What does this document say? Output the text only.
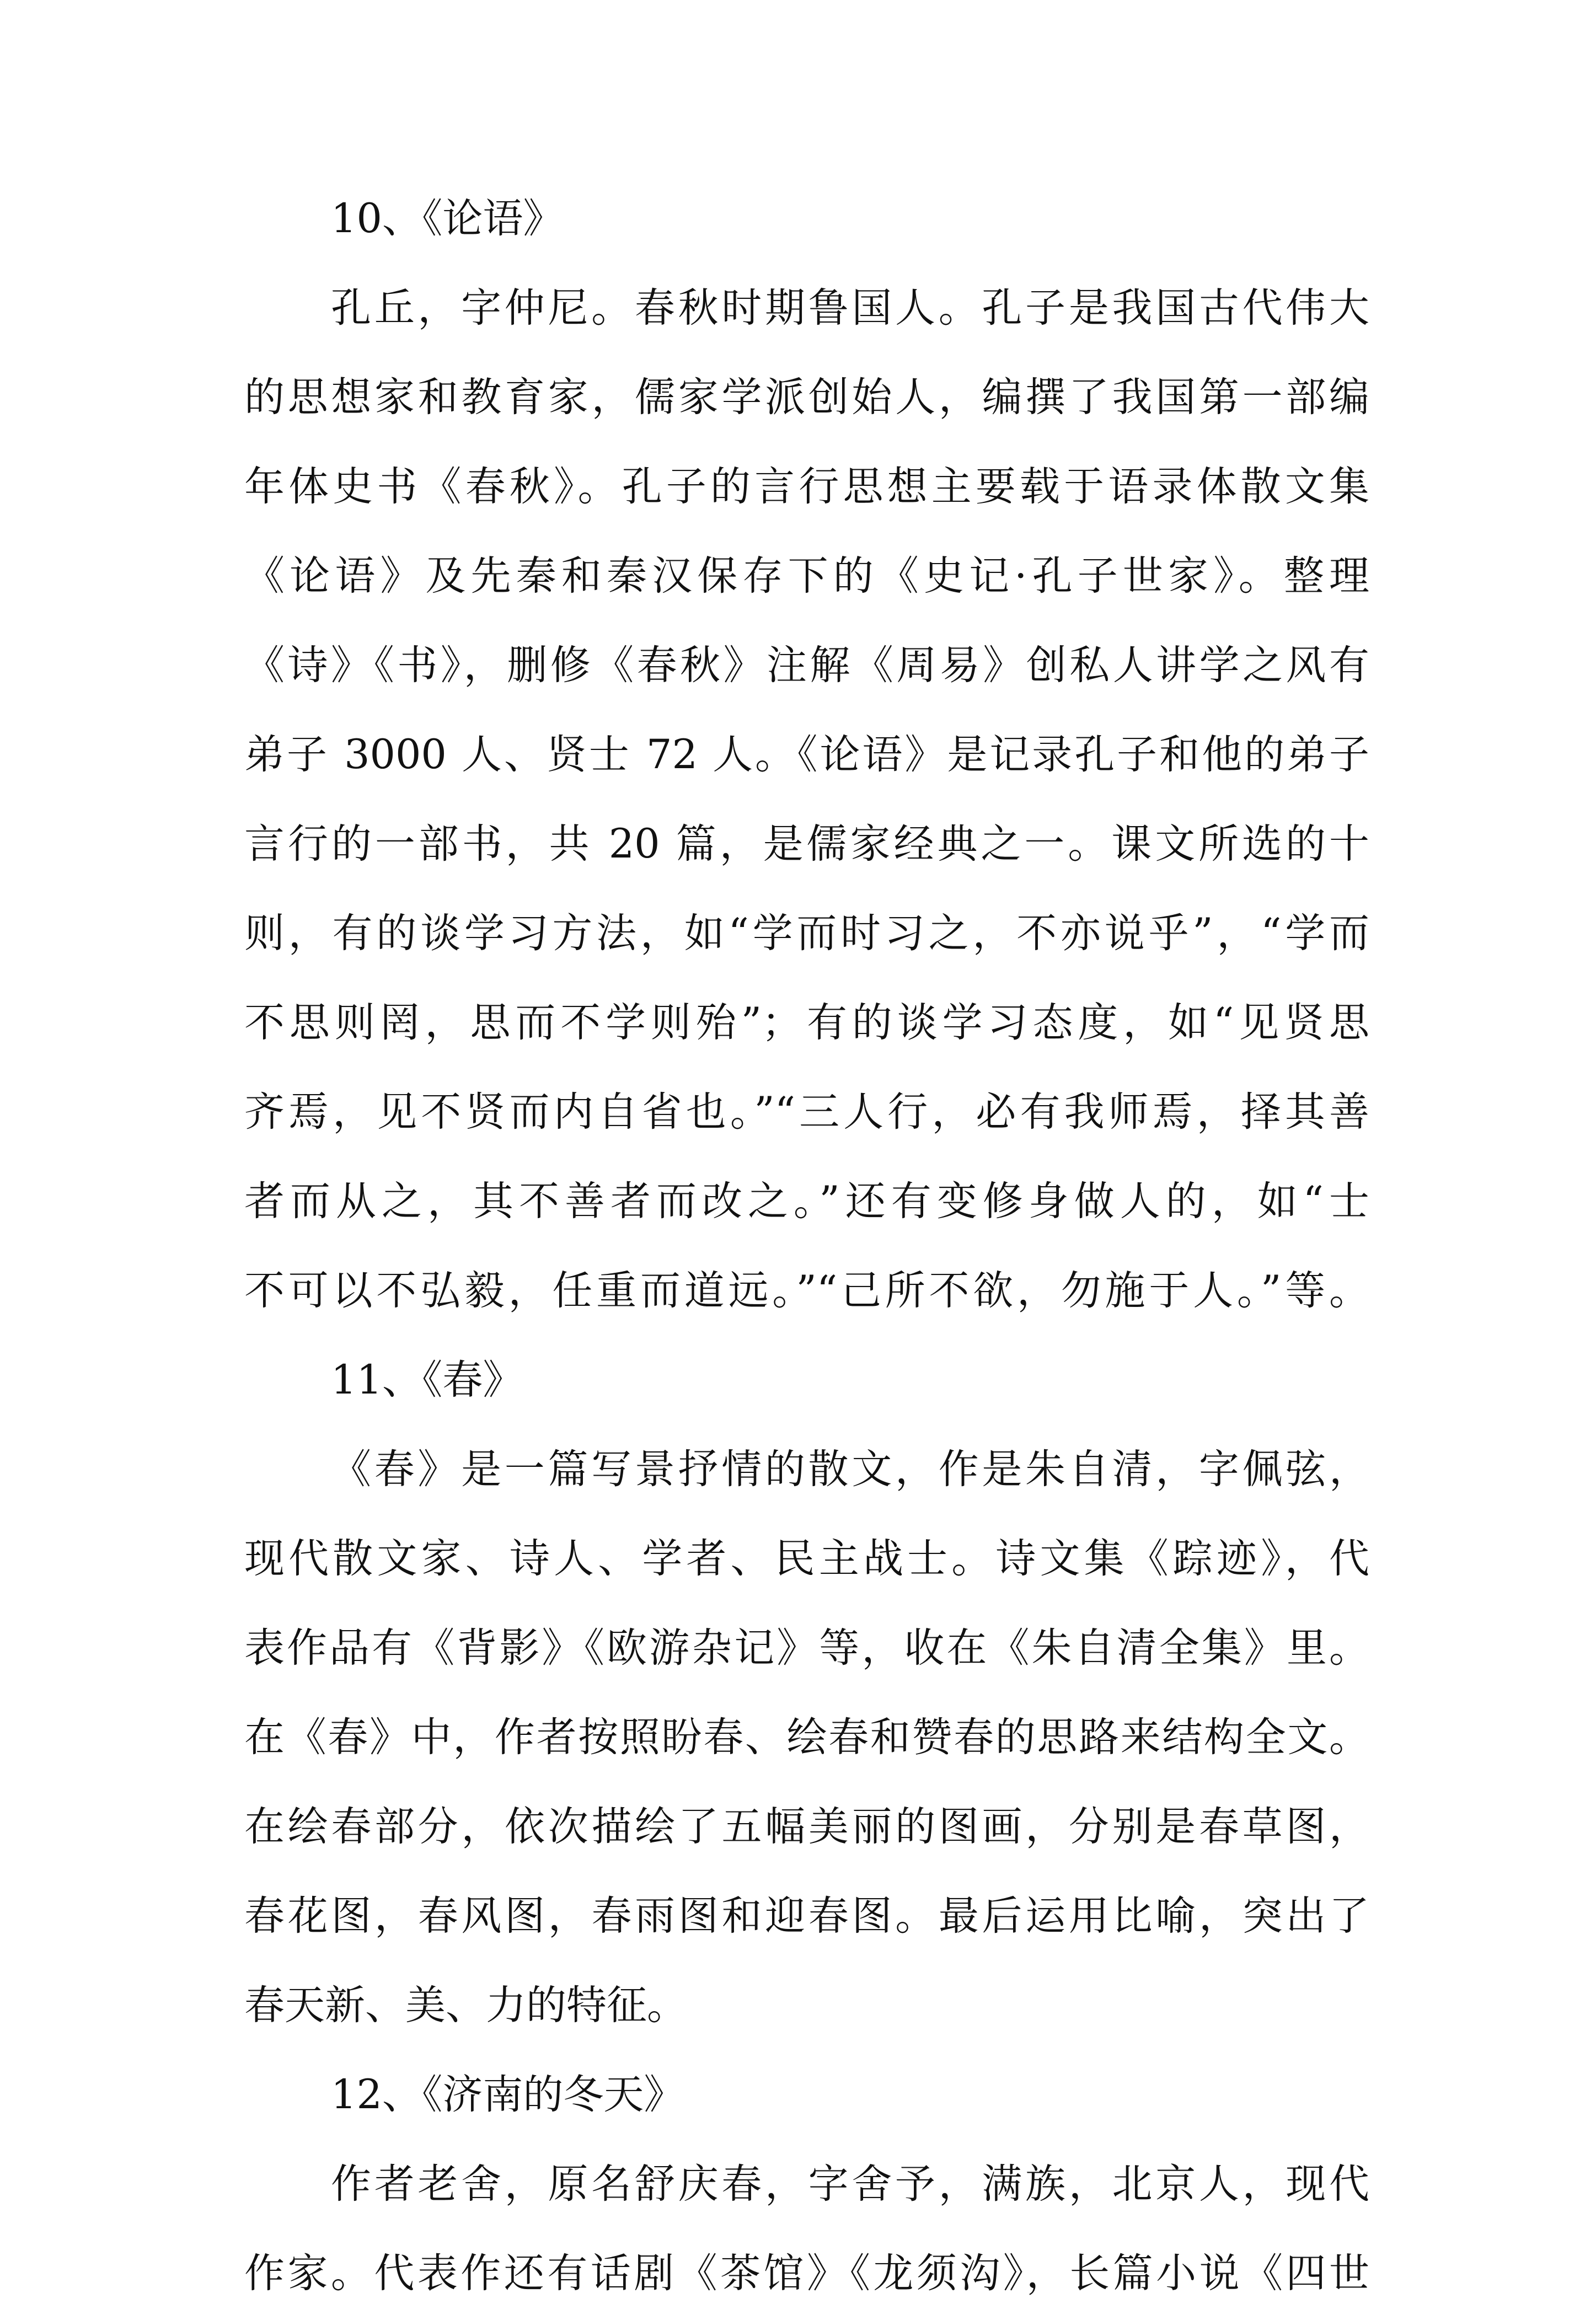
10、《论语》
孔丘，字仲尼。春秋时期鲁国人。孔子是我国古代伟大
的思想家和教育家，儒家学派创始人，编撰了我国第一部编
年体史书《春秋》。孔子的言行思想主要载于语录体散文集
《论语》及先秦和秦汉保存下的《史记·孔子世家》。整理
《诗》《书》，删修《春秋》注解《周易》创私人讲学之风有
弟子 3000 人、贤士 72 人。《论语》是记录孔子和他的弟子
言行的一部书，共 20 篇，是儒家经典之一。课文所选的十
则，有的谈学习方法，如“学而时习之，不亦说乎”，“学而
不思则罔，思而不学则殆”；有的谈学习态度，如“见贤思
齐焉，见不贤而内自省也。”“三人行，必有我师焉，择其善
者而从之，其不善者而改之。”还有变修身做人的，如“士
不可以不弘毅，任重而道远。”“己所不欲，勿施于人。”等。
11、《春》
《春》是一篇写景抒情的散文，作是朱自清，字佩弦，
现代散文家、诗人、学者、民主战士。诗文集《踪迹》，代
表作品有《背影》《欧游杂记》等，收在《朱自清全集》里。
在《春》中，作者按照盼春、绘春和赞春的思路来结构全文。
在绘春部分，依次描绘了五幅美丽的图画，分别是春草图，
春花图，春风图，春雨图和迎春图。最后运用比喻，突出了
春天新、美、力的特征。
12、《济南的冬天》
作者老舍，原名舒庆春，字舍予，满族，北京人，现代
作家。代表作还有话剧《茶馆》《龙须沟》，长篇小说《四世
